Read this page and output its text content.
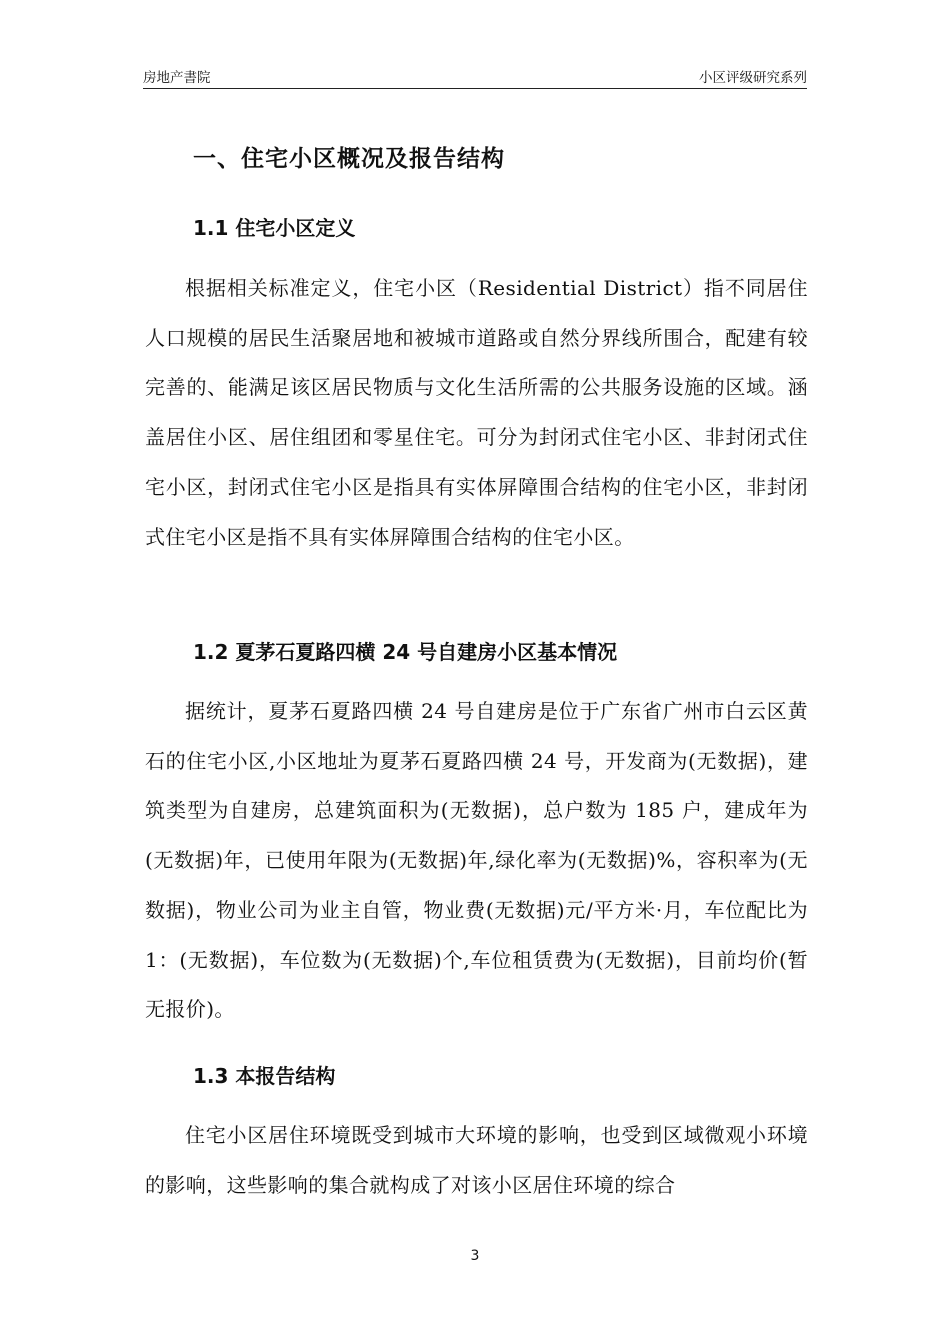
房地产書院	小区评级研究系列
一、住宅小区概况及报告结构
1.1 住宅小区定义

根据相关标准定义，住宅小区（Residential District）指不同居住人口规模的居民生活聚居地和被城市道路或自然分界线所围合，配建有较完善的、能满足该区居民物质与文化生活所需的公共服务设施的区域。涵盖居住小区、居住组团和零星住宅。可分为封闭式住宅小区、非封闭式住宅小区，封闭式住宅小区是指具有实体屏障围合结构的住宅小区，非封闭式住宅小区是指不具有实体屏障围合结构的住宅小区。

1.2 夏茅石夏路四横 24 号自建房小区基本情况

据统计，夏茅石夏路四横 24 号自建房是位于广东省广州市白云区黄石的住宅小区,小区地址为夏茅石夏路四横 24 号，开发商为(无数据)，建筑类型为自建房，总建筑面积为(无数据)，总户数为 185 户，建成年为(无数据)年，已使用年限为(无数据)年,绿化率为(无数据)%，容积率为(无数据)，物业公司为业主自管，物业费(无数据)元/平方米·月，车位配比为 1：(无数据)，车位数为(无数据)个,车位租赁费为(无数据)，目前均价(暂无报价)。

1.3 本报告结构

住宅小区居住环境既受到城市大环境的影响，也受到区域微观小环境的影响，这些影响的集合就构成了对该小区居住环境的综合

3
